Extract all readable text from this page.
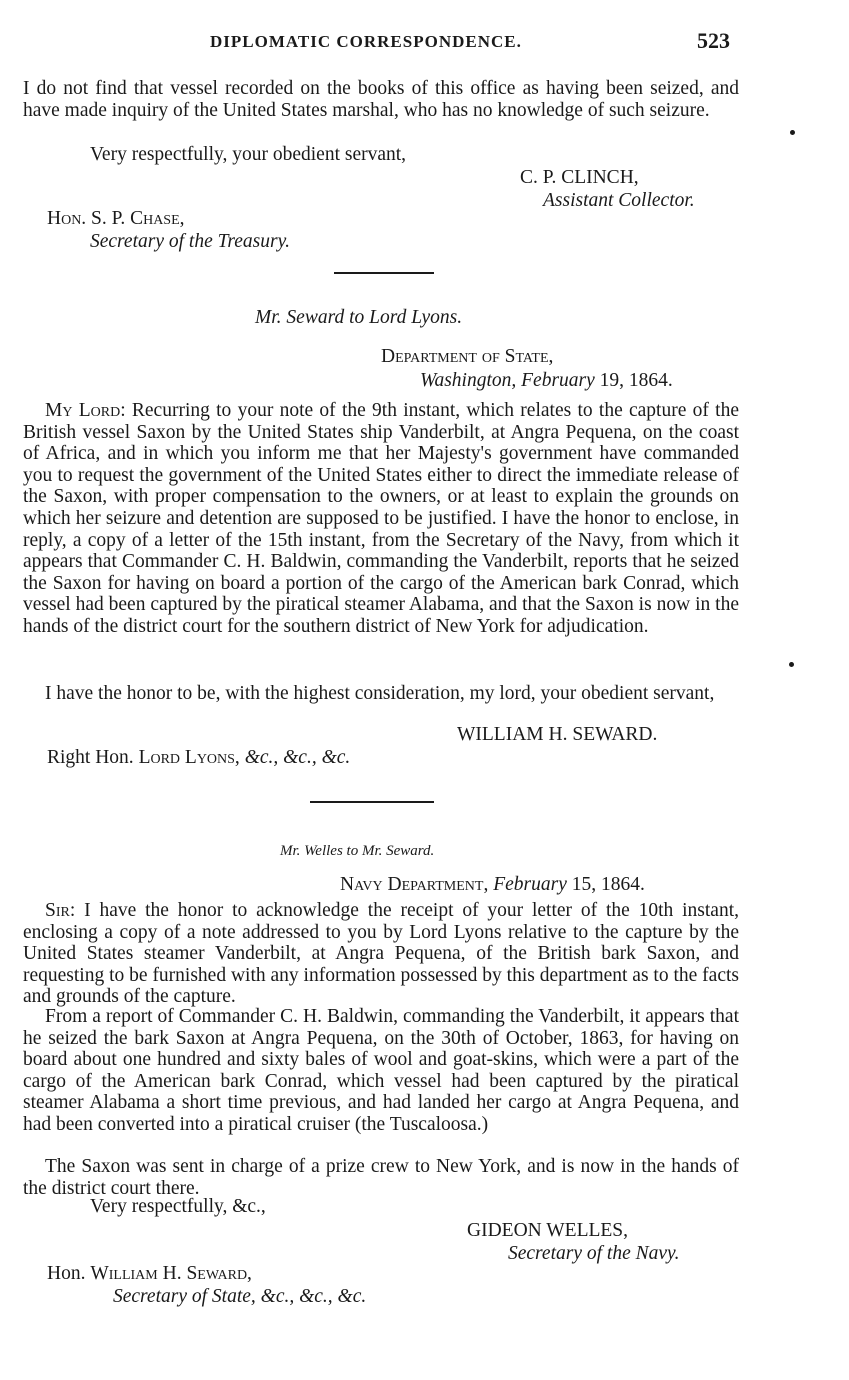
DIPLOMATIC CORRESPONDENCE.	523
I do not find that vessel recorded on the books of this office as having been seized, and have made inquiry of the United States marshal, who has no knowledge of such seizure.
Very respectfully, your obedient servant,
C. P. CLINCH,
Assistant Collector.
Hon. S. P. Chase,
Secretary of the Treasury.
Mr. Seward to Lord Lyons.
Department of State,
Washington, February 19, 1864.
My Lord: Recurring to your note of the 9th instant, which relates to the capture of the British vessel Saxon by the United States ship Vanderbilt, at Angra Pequena, on the coast of Africa, and in which you inform me that her Majesty's government have commanded you to request the government of the United States either to direct the immediate release of the Saxon, with proper compensation to the owners, or at least to explain the grounds on which her seizure and detention are supposed to be justified. I have the honor to enclose, in reply, a copy of a letter of the 15th instant, from the Secretary of the Navy, from which it appears that Commander C. H. Baldwin, commanding the Vanderbilt, reports that he seized the Saxon for having on board a portion of the cargo of the American bark Conrad, which vessel had been captured by the piratical steamer Alabama, and that the Saxon is now in the hands of the district court for the southern district of New York for adjudication.
I have the honor to be, with the highest consideration, my lord, your obedient servant,
WILLIAM H. SEWARD.
Right Hon. Lord Lyons, &c., &c., &c.
Mr. Welles to Mr. Seward.
Navy Department, February 15, 1864.
Sir: I have the honor to acknowledge the receipt of your letter of the 10th instant, enclosing a copy of a note addressed to you by Lord Lyons relative to the capture by the United States steamer Vanderbilt, at Angra Pequena, of the British bark Saxon, and requesting to be furnished with any information possessed by this department as to the facts and grounds of the capture.
From a report of Commander C. H. Baldwin, commanding the Vanderbilt, it appears that he seized the bark Saxon at Angra Pequena, on the 30th of October, 1863, for having on board about one hundred and sixty bales of wool and goat-skins, which were a part of the cargo of the American bark Conrad, which vessel had been captured by the piratical steamer Alabama a short time previous, and had landed her cargo at Angra Pequena, and had been converted into a piratical cruiser (the Tuscaloosa.)
The Saxon was sent in charge of a prize crew to New York, and is now in the hands of the district court there.
Very respectfully, &c.,
GIDEON WELLES,
Secretary of the Navy.
Hon. William H. Seward,
Secretary of State, &c., &c., &c.
